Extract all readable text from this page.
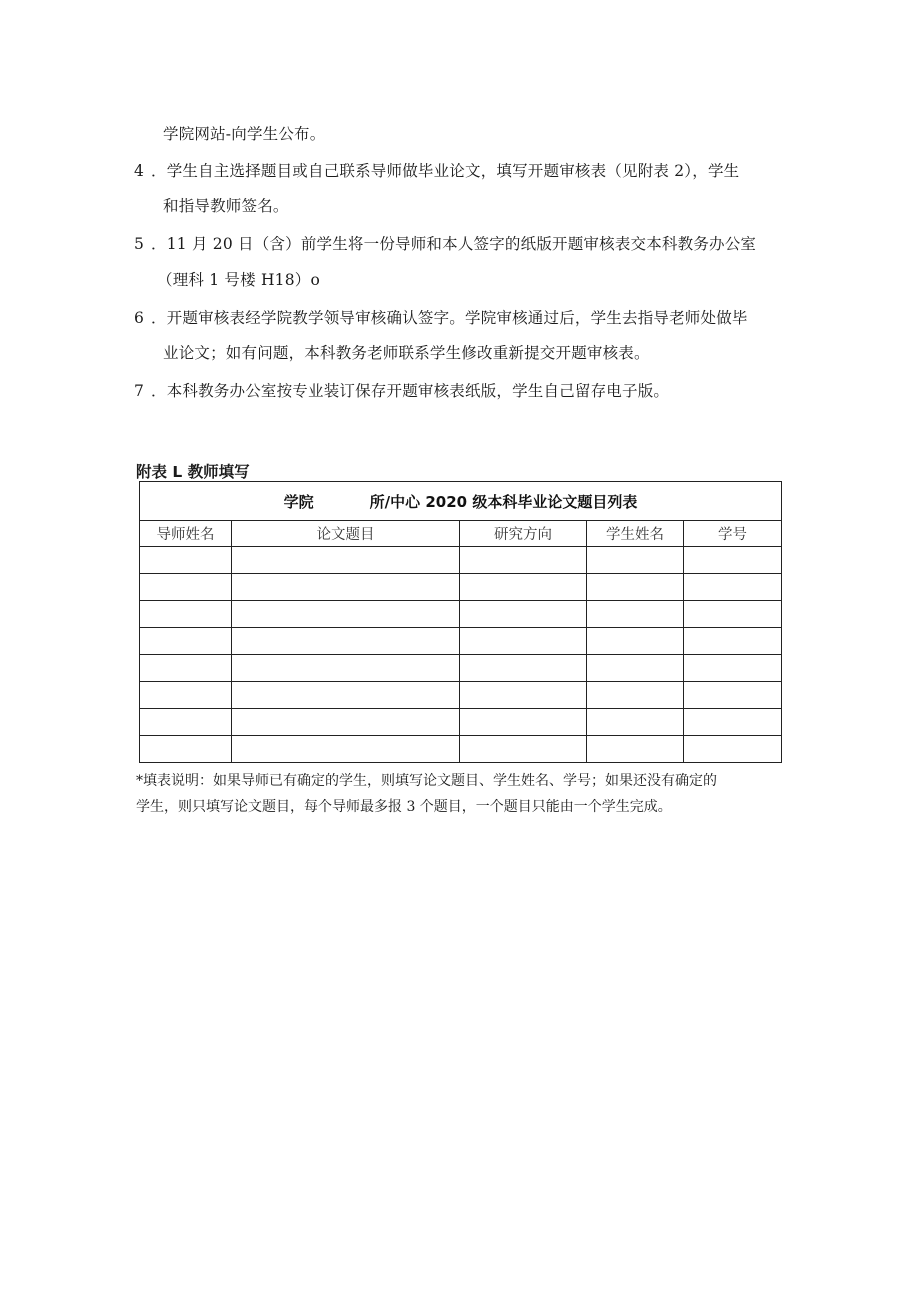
学院网站-向学生公布。
4 ．学生自主选择题目或自己联系导师做毕业论文，填写开题审核表（见附表 2），学生
和指导教师签名。
5 ．11 月 20 日（含）前学生将一份导师和本人签字的纸版开题审核表交本科教务办公室
（理科 1 号楼 H18）o
6 ．开题审核表经学院教学领导审核确认签字。学院审核通过后，学生去指导老师处做毕
业论文；如有问题，本科教务老师联系学生修改重新提交开题审核表。
7 ．本科教务办公室按专业装订保存开题审核表纸版，学生自己留存电子版。
附表 L 教师填写
学院 所/中心 2020 级本科毕业论文题目列表				
导师姓名	论文题目	研究方向	学生姓名	学号

*填表说明：如果导师已有确定的学生，则填写论文题目、学生姓名、学号；如果还没有确定的
学生，则只填写论文题目，每个导师最多报 3 个题目，一个题目只能由一个学生完成。
